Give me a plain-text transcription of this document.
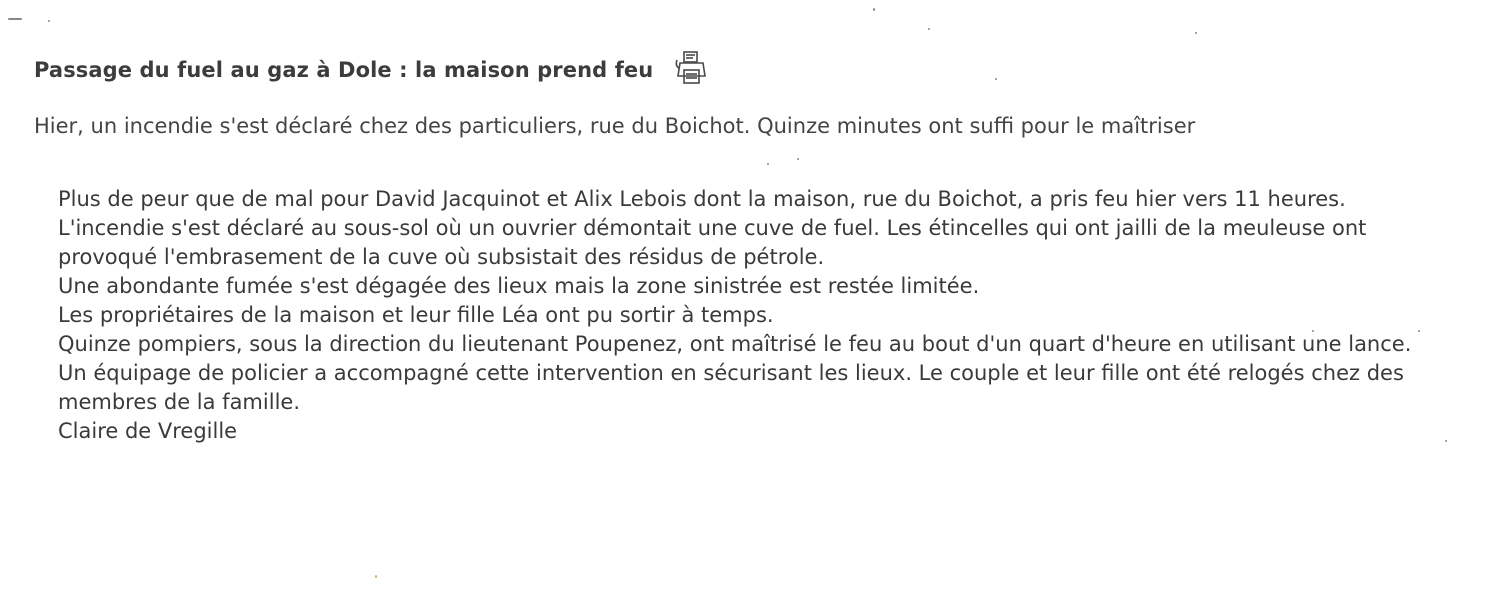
Passage du fuel au gaz à Dole : la maison prend feu

Hier, un incendie s'est déclaré chez des particuliers, rue du Boichot. Quinze minutes ont suffi pour le maîtriser

Plus de peur que de mal pour David Jacquinot et Alix Lebois dont la maison, rue du Boichot, a pris feu hier vers 11 heures.

L'incendie s'est déclaré au sous-sol où un ouvrier démontait une cuve de fuel. Les étincelles qui ont jailli de la meuleuse ont provoqué l'embrasement de la cuve où subsistait des résidus de pétrole.

Une abondante fumée s'est dégagée des lieux mais la zone sinistrée est restée limitée.

Les propriétaires de la maison et leur fille Léa ont pu sortir à temps.

Quinze pompiers, sous la direction du lieutenant Poupenez, ont maîtrisé le feu au bout d'un quart d'heure en utilisant une lance.

Un équipage de policier a accompagné cette intervention en sécurisant les lieux. Le couple et leur fille ont été relogés chez des membres de la famille.

Claire de Vregille
